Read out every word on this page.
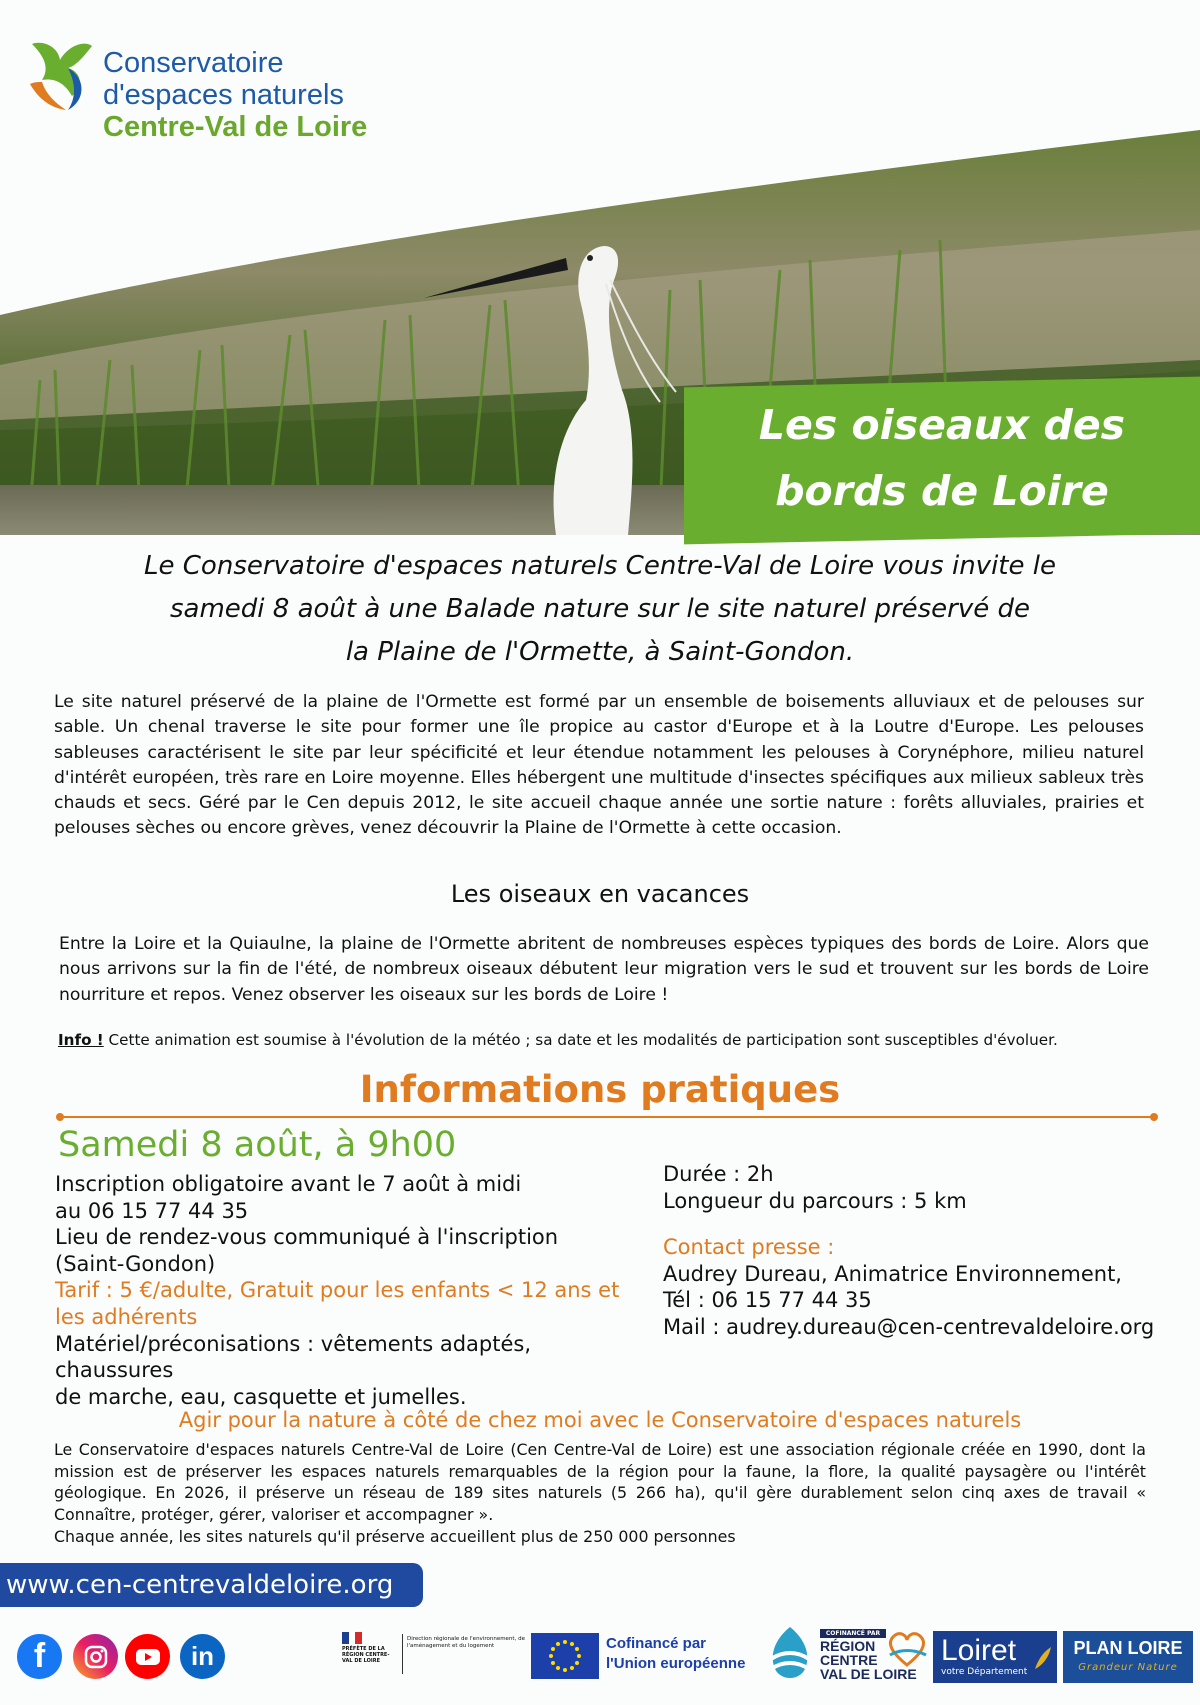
Conservatoire
d'espaces naturels
Centre-Val de Loire
Les oiseaux des
bords de Loire
Le Conservatoire d'espaces naturels Centre-Val de Loire vous invite le
samedi 8 août à une Balade nature sur le site naturel préservé de
la Plaine de l'Ormette, à Saint-Gondon.
Le site naturel préservé de la plaine de l'Ormette est formé par un ensemble de boisements alluviaux et de pelouses sur sable. Un chenal traverse le site pour former une île propice au castor d'Europe et à la Loutre d'Europe. Les pelouses sableuses caractérisent le site par leur spécificité et leur étendue notamment les pelouses à Corynéphore, milieu naturel d'intérêt européen, très rare en Loire moyenne. Elles hébergent une multitude d'insectes spécifiques aux milieux sableux très chauds et secs. Géré par le Cen depuis 2012, le site accueil chaque année une sortie nature : forêts alluviales, prairies et pelouses sèches ou encore grèves, venez découvrir la Plaine de l'Ormette à cette occasion.
Les oiseaux en vacances
Entre la Loire et la Quiaulne, la plaine de l'Ormette abritent de nombreuses espèces typiques des bords de Loire. Alors que nous arrivons sur la fin de l'été, de nombreux oiseaux débutent leur migration vers le sud et trouvent sur les bords de Loire nourriture et repos. Venez observer les oiseaux sur les bords de Loire !
Info ! Cette animation est soumise à l'évolution de la météo ; sa date et les modalités de participation sont susceptibles d'évoluer.
Informations pratiques
Samedi 8 août, à 9h00
Inscription obligatoire avant le 7 août à midi
au 06 15 77 44 35
Lieu de rendez-vous communiqué à l'inscription
(Saint-Gondon)
Tarif : 5 €/adulte, Gratuit pour les enfants < 12 ans et
les adhérents
Matériel/préconisations : vêtements adaptés, chaussures
de marche, eau, casquette et jumelles.
Durée : 2h
Longueur du parcours : 5 km
Contact presse :
Audrey Dureau, Animatrice Environnement,
Tél : 06 15 77 44 35
Mail : audrey.dureau@cen-centrevaldeloire.org
Agir pour la nature à côté de chez moi avec le Conservatoire d'espaces naturels
Le Conservatoire d'espaces naturels Centre-Val de Loire (Cen Centre-Val de Loire) est une association régionale créée en 1990, dont la mission est de préserver les espaces naturels remarquables de la région pour la faune, la flore, la qualité paysagère ou l'intérêt géologique. En 2026, il préserve un réseau de 189 sites naturels (5 266 ha), qu'il gère durablement selon cinq axes de travail « Connaître, protéger, gérer, valoriser et accompagner ».
Chaque année, les sites naturels qu'il préserve accueillent plus de 250 000 personnes
www.cen-centrevaldeloire.org
f	in	PRÉFÈTE DE LA RÉGION CENTRE-VAL DE LOIRE
Direction régionale de l'environnement, de l'aménagement et du logement	Cofinancé par
l'Union européenne
COFINANCÉ PAR
RÉGION
CENTRE
VAL DE LOIRE
Loiret
votre Département
PLAN LOIRE
Grandeur Nature
